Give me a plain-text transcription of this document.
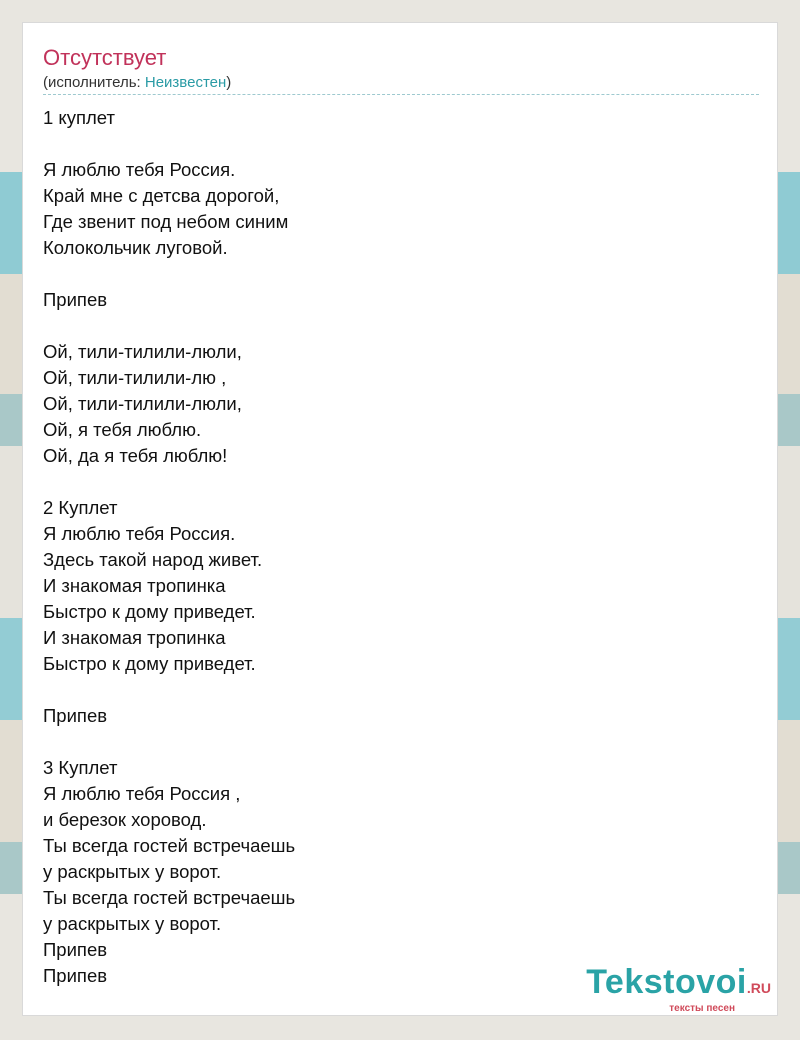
Отсутствует
(исполнитель: Неизвестен)
1 куплет
Я люблю тебя Россия.
Край мне с детсва дорогой,
Где звенит под небом синим
Колокольчик луговой.
Припев
Ой, тили-тилили-люли,
Ой, тили-тилили-лю ,
Ой, тили-тилили-люли,
Ой, я тебя люблю.
Ой, да я тебя люблю!
2 Куплет
Я люблю тебя Россия.
Здесь такой народ живет.
И знакомая тропинка
Быстро к дому приведет.
И знакомая тропинка
Быстро к дому приведет.
Припев
3 Куплет
Я люблю тебя Россия ,
и березок хоровод.
Ты всегда гостей встречаешь
у раскрытых у ворот.
Ты всегда гостей встречаешь
у раскрытых у ворот.
Припев
Припев	Tekstovoi.RU
тексты песен
